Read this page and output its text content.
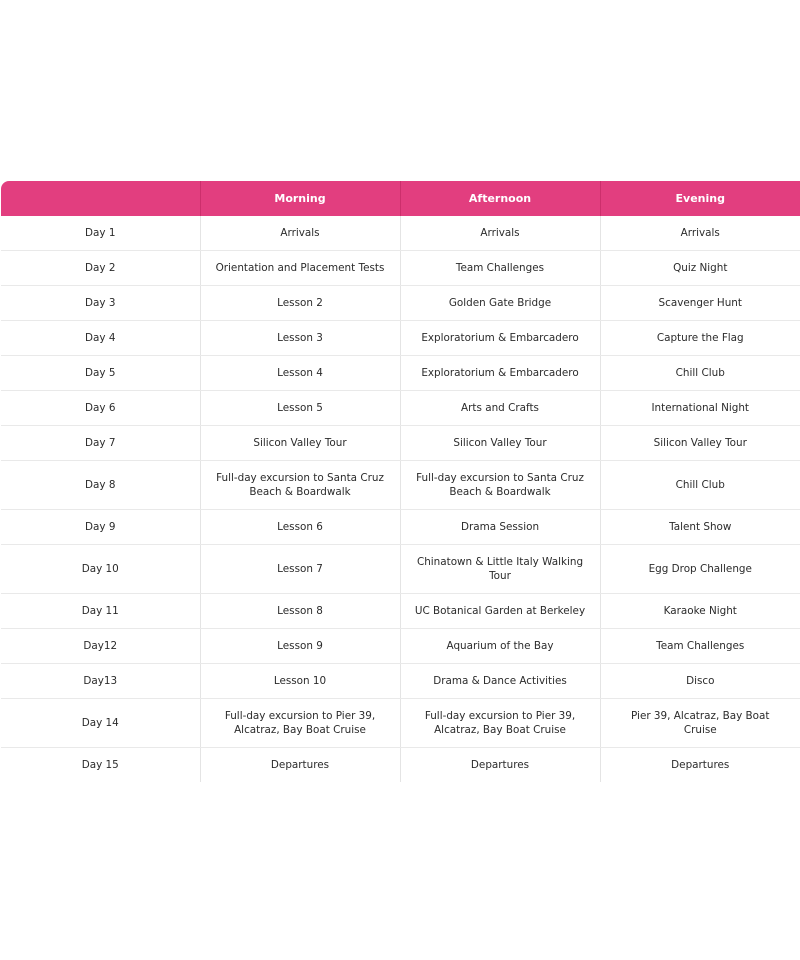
	Morning	Afternoon	Evening
Day 1	Arrivals	Arrivals	Arrivals
Day 2	Orientation and Placement Tests	Team Challenges	Quiz Night
Day 3	Lesson 2	Golden Gate Bridge	Scavenger Hunt
Day 4	Lesson 3	Exploratorium & Embarcadero	Capture the Flag
Day 5	Lesson 4	Exploratorium & Embarcadero	Chill Club
Day 6	Lesson 5	Arts and Crafts	International Night
Day 7	Silicon Valley Tour	Silicon Valley Tour	Silicon Valley Tour
Day 8	Full-day excursion to Santa Cruz Beach & Boardwalk	Full-day excursion to Santa Cruz Beach & Boardwalk	Chill Club
Day 9	Lesson 6	Drama Session	Talent Show
Day 10	Lesson 7	Chinatown & Little Italy Walking Tour	Egg Drop Challenge
Day 11	Lesson 8	UC Botanical Garden at Berkeley	Karaoke Night
Day12	Lesson 9	Aquarium of the Bay	Team Challenges
Day13	Lesson 10	Drama & Dance Activities	Disco
Day 14	Full-day excursion to Pier 39, Alcatraz, Bay Boat Cruise	Full-day excursion to Pier 39, Alcatraz, Bay Boat Cruise	Pier 39, Alcatraz, Bay Boat Cruise
Day 15	Departures	Departures	Departures
